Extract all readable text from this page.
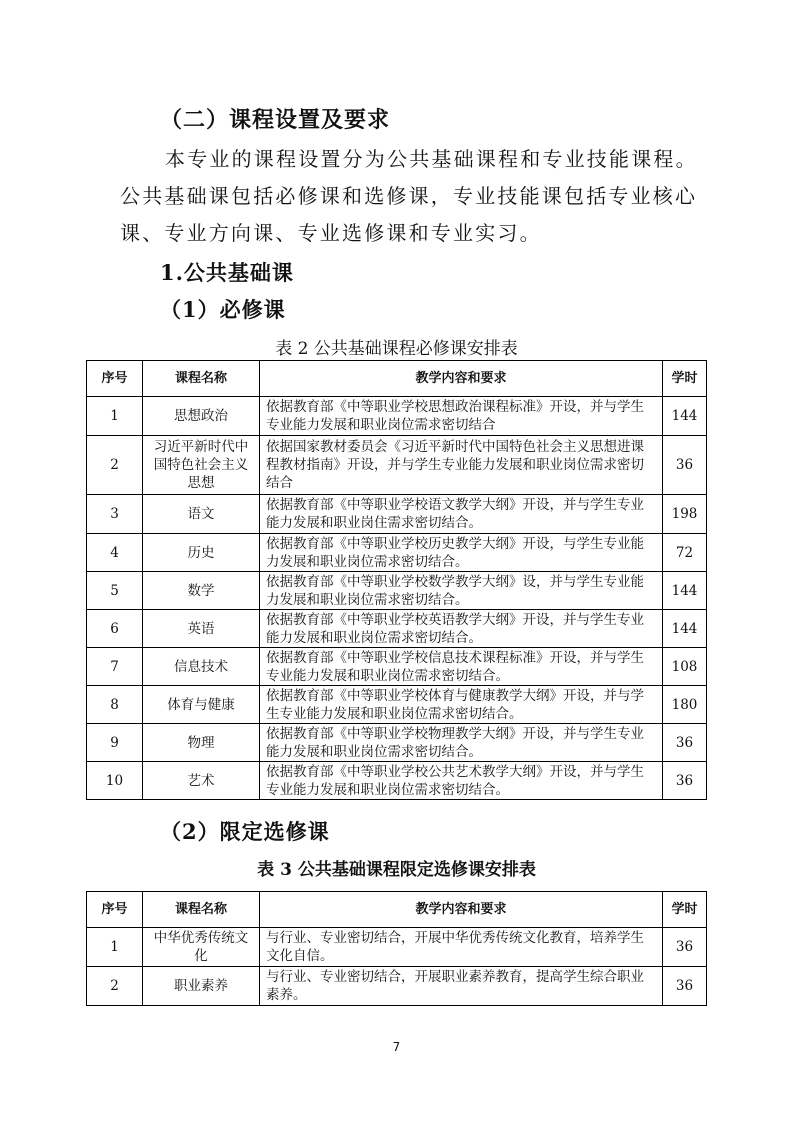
（二）课程设置及要求
本专业的课程设置分为公共基础课程和专业技能课程。
公共基础课包括必修课和选修课，专业技能课包括专业核心
课、专业方向课、专业选修课和专业实习。
1.公共基础课
（1）必修课
表 2 公共基础课程必修课安排表
序号	课程名称	教学内容和要求	学时
1	思想政治	依据教育部《中等职业学校思想政治课程标准》开设，并与学生专业能力发展和职业岗位需求密切结合	144
2	习近平新时代中国特色社会主义思想	依据国家教材委员会《习近平新时代中国特色社会主义思想进课程教材指南》开设，并与学生专业能力发展和职业岗位需求密切结合	36
3	语文	依据教育部《中等职业学校语文教学大纲》开设，并与学生专业能力发展和职业岗住需求密切结合。	198
4	历史	依据教育部《中等职业学校历史教学大纲》开设，与学生专业能力发展和职业岗位需求密切结合。	72
5	数学	依据教育部《中等职业学校数学教学大纲》设，并与学生专业能力发展和职业岗位需求密切结合。	144
6	英语	依据教育部《中等职业学校英语教学大纲》开设，并与学生专业能力发展和职业岗位需求密切结合。	144
7	信息技术	依据教育部《中等职业学校信息技术课程标准》开设，并与学生专业能力发展和职业岗位需求密切结合。	108
8	体育与健康	依据教育部《中等职业学校体育与健康教学大纲》开设，并与学生专业能力发展和职业岗位需求密切结合。	180
9	物理	依据教育部《中等职业学校物理教学大纲》开设，并与学生专业能力发展和职业岗位需求密切结合。	36
10	艺术	依据教育部《中等职业学校公共艺术教学大纲》开设，并与学生专业能力发展和职业岗位需求密切结合。	36
（2）限定选修课
表 3 公共基础课程限定选修课安排表
序号	课程名称	教学内容和要求	学时
1	中华优秀传统文化	与行业、专业密切结合，开展中华优秀传统文化教育，培养学生文化自信。	36
2	职业素养	与行业、专业密切结合，开展职业素养教育，提高学生综合职业素养。	36
7
